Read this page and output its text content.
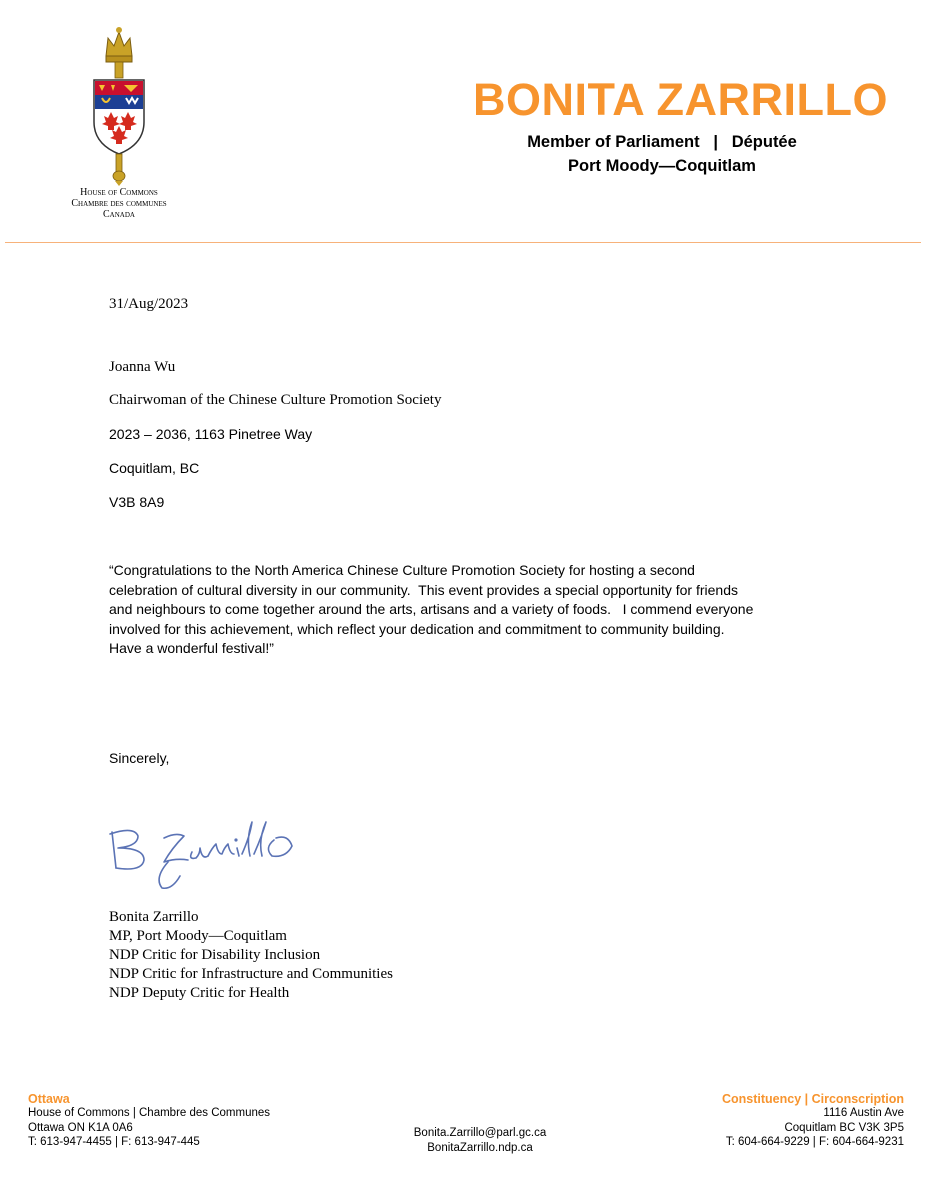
House of Commons
Chambre des communes
Canada
BONITA ZARRILLO
Member of Parliament   |   Députée
Port Moody—Coquitlam
31/Aug/2023
Joanna Wu
Chairwoman of the Chinese Culture Promotion Society
2023 – 2036, 1163 Pinetree Way
Coquitlam, BC
V3B 8A9
“Congratulations to the North America Chinese Culture Promotion Society for hosting a second
celebration of cultural diversity in our community.  This event provides a special opportunity for friends
and neighbours to come together around the arts, artisans and a variety of foods.   I commend everyone
involved for this achievement, which reflect your dedication and commitment to community building.
Have a wonderful festival!”
Sincerely,
Bonita Zarrillo
MP, Port Moody—Coquitlam
NDP Critic for Disability Inclusion
NDP Critic for Infrastructure and Communities
NDP Deputy Critic for Health
Ottawa
House of Commons | Chambre des Communes
Ottawa ON K1A 0A6
T: 613-947-4455 | F: 613-947-445
Bonita.Zarrillo@parl.gc.ca
BonitaZarrillo.ndp.ca
Constituency | Circonscription
1116 Austin Ave
Coquitlam BC V3K 3P5
T: 604-664-9229 | F: 604-664-9231
